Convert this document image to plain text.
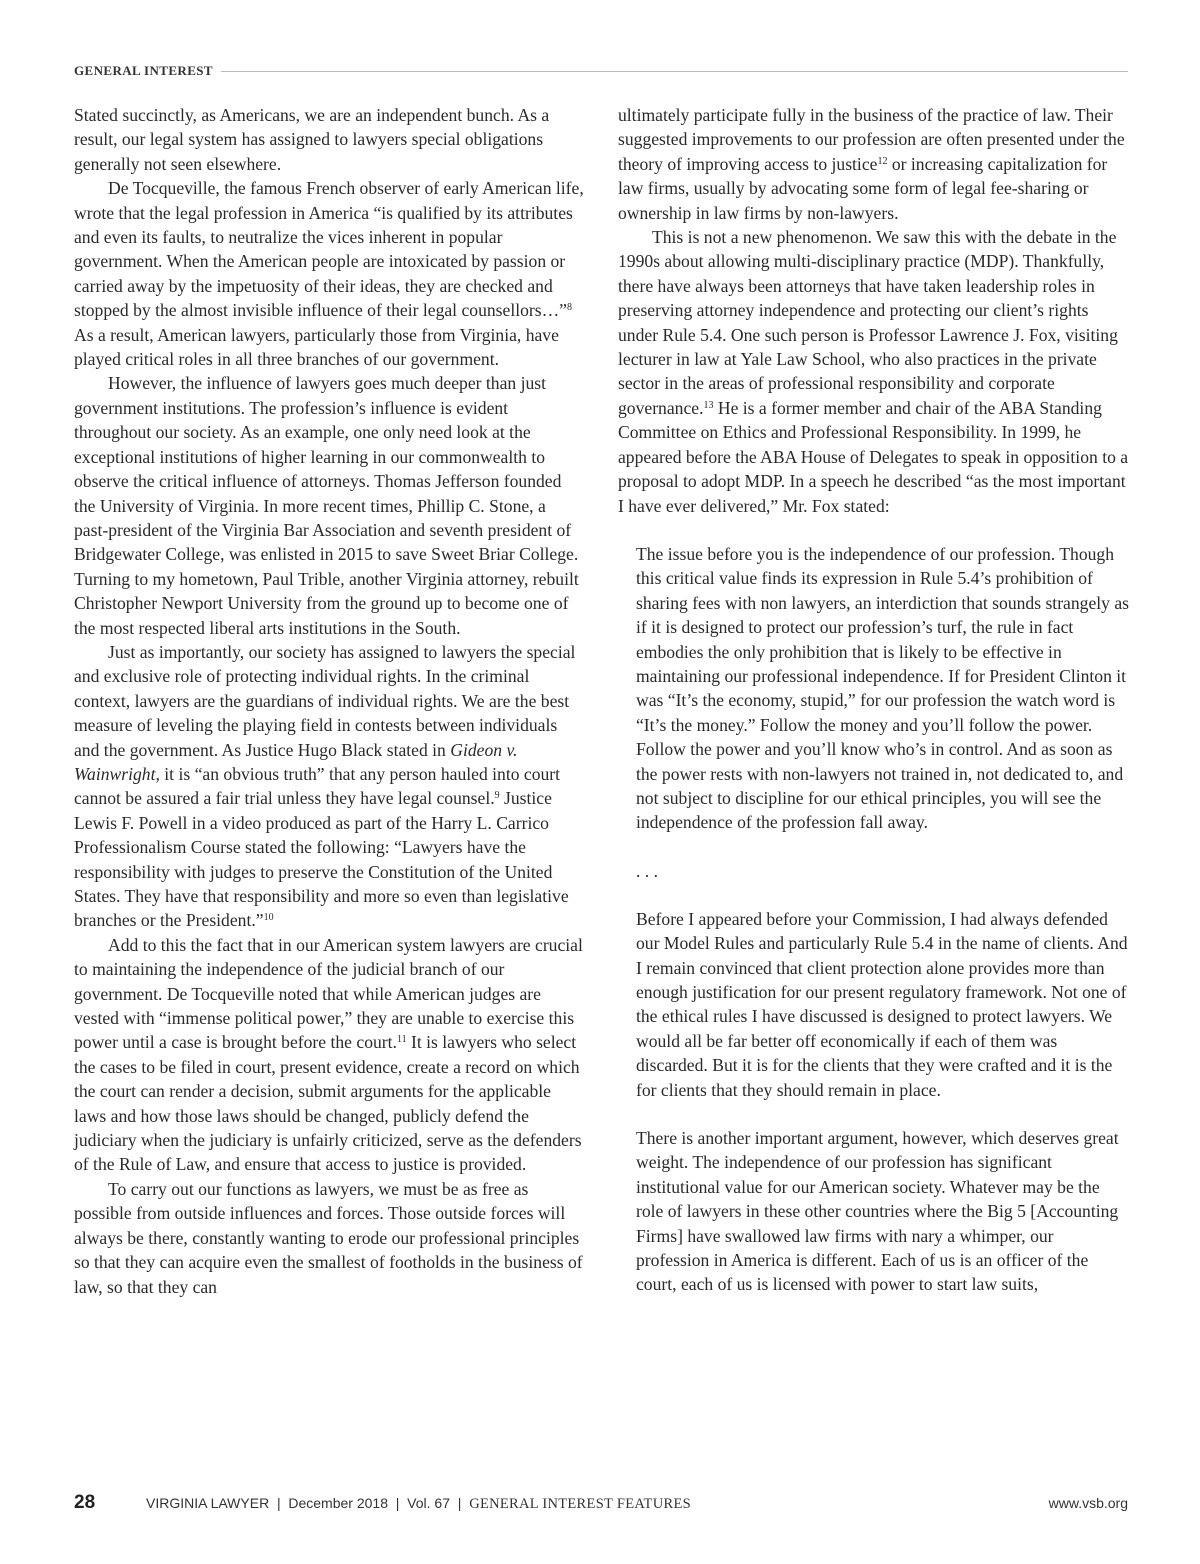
GENERAL INTEREST

Stated succinctly, as Americans, we are an independent bunch. As a result, our legal system has assigned to lawyers special obligations generally not seen elsewhere.

De Tocqueville, the famous French observer of early American life, wrote that the legal profession in America “is qualified by its attributes and even its faults, to neutralize the vices inherent in popular government. When the American people are intoxicated by passion or carried away by the impetuosity of their ideas, they are checked and stopped by the almost invisible influence of their legal counsellors…”$^8$ As a result, American lawyers, particularly those from Virginia, have played critical roles in all three branches of our government.

However, the influence of lawyers goes much deeper than just government institutions. The profession’s influence is evident throughout our society. As an example, one only need look at the exceptional institutions of higher learning in our commonwealth to observe the critical influence of attorneys. Thomas Jefferson founded the University of Virginia. In more recent times, Phillip C. Stone, a past-president of the Virginia Bar Association and seventh president of Bridgewater College, was enlisted in 2015 to save Sweet Briar College. Turning to my hometown, Paul Trible, another Virginia attorney, rebuilt Christopher Newport University from the ground up to become one of the most respected liberal arts institutions in the South.

Just as importantly, our society has assigned to lawyers the special and exclusive role of protecting individual rights. In the criminal context, lawyers are the guardians of individual rights. We are the best measure of leveling the playing field in contests between individuals and the government. As Justice Hugo Black stated in Gideon v. Wainwright, it is “an obvious truth” that any person hauled into court cannot be assured a fair trial unless they have legal counsel.$^9$ Justice Lewis F. Powell in a video produced as part of the Harry L. Carrico Professionalism Course stated the following: “Lawyers have the responsibility with judges to preserve the Constitution of the United States. They have that responsibility and more so even than legislative branches or the President.”$^{10}$

Add to this the fact that in our American system lawyers are crucial to maintaining the independence of the judicial branch of our government. De Tocqueville noted that while American judges are vested with “immense political power,” they are unable to exercise this power until a case is brought before the court.$^{11}$ It is lawyers who select the cases to be filed in court, present evidence, create a record on which the court can render a decision, submit arguments for the applicable laws and how those laws should be changed, publicly defend the judiciary when the judiciary is unfairly criticized, serve as the defenders of the Rule of Law, and ensure that access to justice is provided.

To carry out our functions as lawyers, we must be as free as possible from outside influences and forces. Those outside forces will always be there, constantly wanting to erode our professional principles so that they can acquire even the smallest of footholds in the business of law, so that they can

ultimately participate fully in the business of the practice of law. Their suggested improvements to our profession are often presented under the theory of improving access to justice$^{12}$ or increasing capitalization for law firms, usually by advocating some form of legal fee-sharing or ownership in law firms by non-lawyers.

This is not a new phenomenon. We saw this with the debate in the 1990s about allowing multi-disciplinary practice (MDP). Thankfully, there have always been attorneys that have taken leadership roles in preserving attorney independence and protecting our client’s rights under Rule 5.4. One such person is Professor Lawrence J. Fox, visiting lecturer in law at Yale Law School, who also practices in the private sector in the areas of professional responsibility and corporate governance.$^{13}$ He is a former member and chair of the ABA Standing Committee on Ethics and Professional Responsibility. In 1999, he appeared before the ABA House of Delegates to speak in opposition to a proposal to adopt MDP. In a speech he described “as the most important I have ever delivered,” Mr. Fox stated:

The issue before you is the independence of our profession. Though this critical value finds its expression in Rule 5.4’s prohibition of sharing fees with non lawyers, an interdiction that sounds strangely as if it is designed to protect our profession’s turf, the rule in fact embodies the only prohibition that is likely to be effective in maintaining our professional independence. If for President Clinton it was “It’s the economy, stupid,” for our profession the watch word is “It’s the money.” Follow the money and you’ll follow the power. Follow the power and you’ll know who’s in control. And as soon as the power rests with non-lawyers not trained in, not dedicated to, and not subject to discipline for our ethical principles, you will see the independence of the profession fall away.

. . .

Before I appeared before your Commission, I had always defended our Model Rules and particularly Rule 5.4 in the name of clients. And I remain convinced that client protection alone provides more than enough justification for our present regulatory framework. Not one of the ethical rules I have discussed is designed to protect lawyers. We would all be far better off economically if each of them was discarded. But it is for the clients that they were crafted and it is the for clients that they should remain in place.

There is another important argument, however, which deserves great weight. The independence of our profession has significant institutional value for our American society. Whatever may be the role of lawyers in these other countries where the Big 5 [Accounting Firms] have swallowed law firms with nary a whimper, our profession in America is different. Each of us is an officer of the court, each of us is licensed with power to start law suits,

28	VIRGINIA LAWYER  |  December 2018  |  Vol. 67  |  GENERAL INTEREST FEATURES	www.vsb.org
